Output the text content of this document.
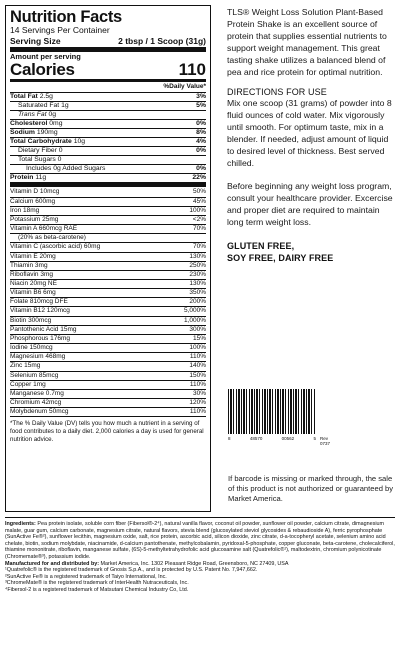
Nutrition Facts
14 Servings Per Container
Serving Size	2 tbsp / 1 Scoop (31g)
Amount per serving
Calories	110
%Daily Value*
Total Fat 2.5g	3%
Saturated Fat 1g	5%
Trans Fat 0g
Cholesterol 0mg	0%
Sodium 190mg	8%
Total Carbohydrate 10g	4%
Dietary Fiber 0	0%
Total Sugars 0
Includes 0g Added Sugars	0%
Protein 11g	22%
Vitamin D 10mcg	50%
Calcium 600mg	45%
Iron 18mg	100%
Potassium 25mg	<2%
Vitamin A 660mcg RAE	70%
(20% as beta-carotene)
Vitamin C (ascorbic acid) 60mg	70%
Vitamin E 20mg	130%
Thiamin 3mg	250%
Riboflavin 3mg	230%
Niacin 20mg NE	130%
Vitamin B6 6mg	350%
Folate 810mcg DFE	200%
Vitamin B12 120mcg	5,000%
Biotin 300mcg	1,000%
Pantothenic Acid 15mg	300%
Phosphorous 176mg	15%
Iodine 150mcg	100%
Magnesium 468mg	110%
Zinc 15mg	140%
Selenium 85mcg	150%
Copper 1mg	110%
Manganese 0.7mg	30%
Chromium 42mcg	120%
Molybdenum 50mcg	110%
*The % Daily Value (DV) tells you how much a nutrient in a serving of food contributes to a daily diet. 2,000 calories a day is used for general nutrition advice.

TLS® Weight Loss Solution Plant-Based Protein Shake is an excellent source of protein that supplies essential nutrients to support weight management. This great tasting shake utilizes a balanced blend of pea and rice protein for optimal nutrition.

DIRECTIONS FOR USE

Mix one scoop (31 grams) of powder into 8 fluid ounces of cold water. Mix vigorously until smooth. For optimum taste, mix in a blender. If needed, adjust amount of liquid to desired level of thickness. Best served chilled.

Before beginning any weight loss program, consult your healthcare provider. Excercise and proper diet are required to maintain long term weight loss.

GLUTEN FREE,
SOY FREE, DAIRY FREE
8	48570	00562	5 Rev 0737
If barcode is missing or marked through, the sale of this product is not authorized or guaranteed by Market America.

Ingredients: Pea protein isolate, soluble corn fiber (Fibersol®-2⁴), natural vanilla flavor, coconut oil powder, sunflower oil powder, calcium citrate, dimagnesium malate, guar gum, calcium carbonate, magnesium citrate, natural flavors, stevia blend (glucosylated steviol glycosides & rebaudioside A), ferric pyrophosphate (SunActive Fe®²), sunflower lecithin, magnesium oxide, salt, rice protein, ascorbic acid, silicon dioxide, zinc citrate, d-a-tocopheryl acetate, selenium amino acid chelate, biotin, sodium molybdate, niacinamide, d-calcium pantothenate, methylcobalamin, pyridoxal-5-phosphate, copper gluconate, beta-carotene, cholecalciferol, thiamine mononitrate, riboflavin, manganese sulfate, (6S)-5-methyltetrahydrofolic acid glucosamine salt (Quatrefolic®¹), maltodextrin, chromium polynicotinate (Chromemate®³), potassium iodide.

Manufactured for and distributed by: Market America, Inc. 1302 Pleasant Ridge Road, Greensboro, NC 27409, USA

¹Quatrefolic® is the registered trademark of Gnosis S.p.A., and is protected by U.S. Patent No. 7,947,662.

²SunActive Fe® is a registered trademark of Taiyo International, Inc.

³ChromeMate® is the registered trademark of InterHealth Nutraceuticals, Inc.

⁴Fibersol-2 is a registered trademark of Matsutani Chemical Industry Co, Ltd.
